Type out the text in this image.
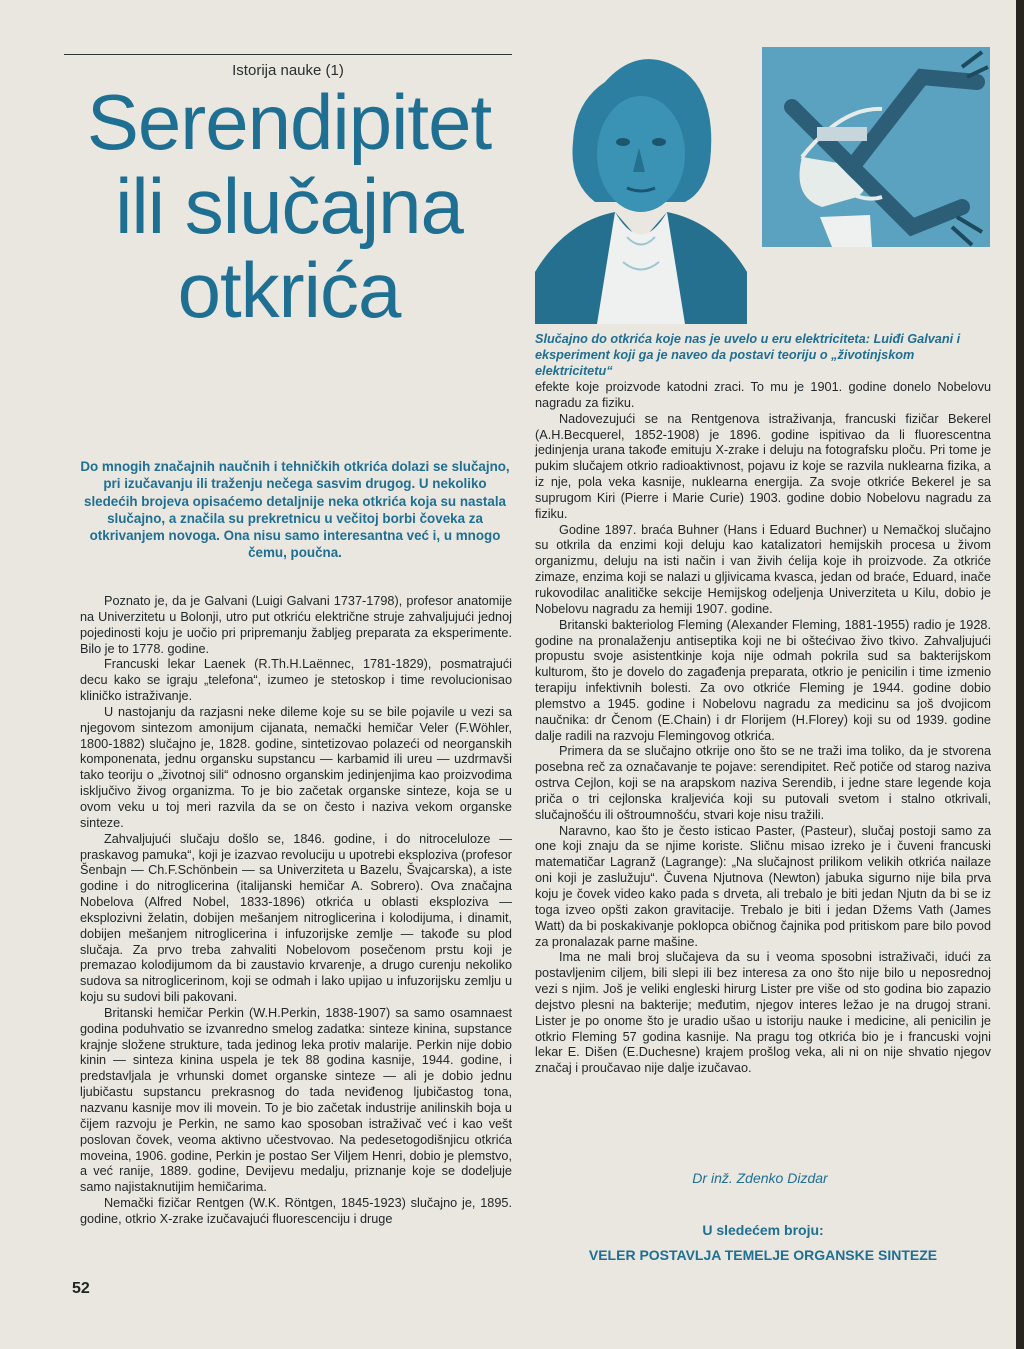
Istorija nauke (1)
Serendipitet
ili slučajna
otkrića
Slučajno do otkrića koje nas je uvelo u eru elektriciteta: Luiđi Galvani i eksperiment koji ga je naveo da postavi teoriju o „životinjskom elektricitetu“
Do mnogih značajnih naučnih i tehničkih otkrića dolazi se slučajno, pri izučavanju ili traženju nečega sasvim drugog. U nekoliko sledećih brojeva opisaćemo detaljnije neka otkrića koja su nastala slučajno, a značila su prekretnicu u večitoj borbi čoveka za otkrivanjem novoga. Ona nisu samo interesantna već i, u mnogo čemu, poučna.

Poznato je, da je Galvani (Luigi Galvani 1737-1798), profesor anatomije na Univerzitetu u Bolonji, utro put otkriću električne struje zahvaljujući jednoj pojedinosti koju je uočio pri pripremanju žabljeg preparata za eksperimente. Bilo je to 1778. godine.

Francuski lekar Laenek (R.Th.H.Laënnec, 1781-1829), posmatrajući decu kako se igraju „telefona“, izumeo je stetoskop i time revolucionisao kliničko istraživanje.

U nastojanju da razjasni neke dileme koje su se bile pojavile u vezi sa njegovom sintezom amonijum cijanata, nemački hemičar Veler (F.Wöhler, 1800-1882) slučajno je, 1828. godine, sintetizovao polazeći od neorganskih komponenata, jednu organsku supstancu — karbamid ili ureu — uzdrmavši tako teoriju o „životnoj sili“ odnosno organskim jedinjenjima kao proizvodima isključivo živog organizma. To je bio začetak organske sinteze, koja se u ovom veku u toj meri razvila da se on često i naziva vekom organske sinteze.

Zahvaljujući slučaju došlo se, 1846. godine, i do nitroceluloze — praskavog pamuka“, koji je izazvao revoluciju u upotrebi eksploziva (profesor Šenbajn — Ch.F.Schönbein — sa Univerziteta u Bazelu, Švajcarska), a iste godine i do nitroglicerina (italijanski hemičar A. Sobrero). Ova značajna Nobelova (Alfred Nobel, 1833-1896) otkrića u oblasti eksploziva — eksplozivni želatin, dobijen mešanjem nitroglicerina i kolodijuma, i dinamit, dobijen mešanjem nitroglicerina i infuzorijske zemlje — takođe su plod slučaja. Za prvo treba zahvaliti Nobelovom posečenom prstu koji je premazao kolodijumom da bi zaustavio krvarenje, a drugo curenju nekoliko sudova sa nitroglicerinom, koji se odmah i lako upijao u infuzorijsku zemlju u koju su sudovi bili pakovani.

Britanski hemičar Perkin (W.H.Perkin, 1838-1907) sa samo osamnaest godina poduhvatio se izvanredno smelog zadatka: sinteze kinina, supstance krajnje složene strukture, tada jedinog leka protiv malarije. Perkin nije dobio kinin — sinteza kinina uspela je tek 88 godina kasnije, 1944. godine, i predstavljala je vrhunski domet organske sinteze — ali je dobio jednu ljubičastu supstancu prekrasnog do tada neviđenog ljubičastog tona, nazvanu kasnije mov ili movein. To je bio začetak industrije anilinskih boja u čijem razvoju je Perkin, ne samo kao sposoban istraživač već i kao vešt poslovan čovek, veoma aktivno učestvovao. Na pedesetogodišnjicu otkrića moveina, 1906. godine, Perkin je postao Ser Viljem Henri, dobio je plemstvo, a već ranije, 1889. godine, Devijevu medalju, priznanje koje se dodeljuje samo najistaknutijim hemičarima.

Nemački fizičar Rentgen (W.K. Röntgen, 1845-1923) slučajno je, 1895. godine, otkrio X-zrake izučavajući fluorescenciju i druge

efekte koje proizvode katodni zraci. To mu je 1901. godine donelo Nobelovu nagradu za fiziku.

Nadovezujući se na Rentgenova istraživanja, francuski fizičar Bekerel (A.H.Becquerel, 1852-1908) je 1896. godine ispitivao da li fluorescentna jedinjenja urana takođe emituju X-zrake i deluju na fotografsku ploču. Pri tome je pukim slučajem otkrio radioaktivnost, pojavu iz koje se razvila nuklearna fizika, a iz nje, pola veka kasnije, nuklearna energija. Za svoje otkriće Bekerel je sa suprugom Kiri (Pierre i Marie Curie) 1903. godine dobio Nobelovu nagradu za fiziku.

Godine 1897. braća Buhner (Hans i Eduard Buchner) u Nemačkoj slučajno su otkrila da enzimi koji deluju kao katalizatori hemijskih procesa u živom organizmu, deluju na isti način i van živih ćelija koje ih proizvode. Za otkriće zimaze, enzima koji se nalazi u gljivicama kvasca, jedan od braće, Eduard, inače rukovodilac analitičke sekcije Hemijskog odeljenja Univerziteta u Kilu, dobio je Nobelovu nagradu za hemiji 1907. godine.

Britanski bakteriolog Fleming (Alexander Fleming, 1881-1955) radio je 1928. godine na pronalaženju antiseptika koji ne bi oštećivao živo tkivo. Zahvaljujući propustu svoje asistentkinje koja nije odmah pokrila sud sa bakterijskom kulturom, što je dovelo do zagađenja preparata, otkrio je penicilin i time izmenio terapiju infektivnih bolesti. Za ovo otkriće Fleming je 1944. godine dobio plemstvo a 1945. godine i Nobelovu nagradu za medicinu sa još dvojicom naučnika: dr Čenom (E.Chain) i dr Florijem (H.Florey) koji su od 1939. godine dalje radili na razvoju Flemingovog otkrića.

Primera da se slučajno otkrije ono što se ne traži ima toliko, da je stvorena posebna reč za označavanje te pojave: serendipitet. Reč potiče od starog naziva ostrva Cejlon, koji se na arapskom naziva Serendib, i jedne stare legende koja priča o tri cejlonska kraljevića koji su putovali svetom i stalno otkrivali, slučajnošću ili oštroumnošću, stvari koje nisu tražili.

Naravno, kao što je često isticao Paster, (Pasteur), slučaj postoji samo za one koji znaju da se njime koriste. Sličnu misao izreko je i čuveni francuski matematičar Lagranž (Lagrange): „Na slučajnost prilikom velikih otkrića nailaze oni koji je zaslužuju“. Čuvena Njutnova (Newton) jabuka sigurno nije bila prva koju je čovek video kako pada s drveta, ali trebalo je biti jedan Njutn da bi se iz toga izveo opšti zakon gravitacije. Trebalo je biti i jedan Džems Vath (James Watt) da bi poskakivanje poklopca običnog čajnika pod pritiskom pare bilo povod za pronalazak parne mašine.

Ima ne mali broj slučajeva da su i veoma sposobni istraživači, idući za postavljenim ciljem, bili slepi ili bez interesa za ono što nije bilo u neposrednoj vezi s njim. Još je veliki engleski hirurg Lister pre više od sto godina bio zapazio dejstvo plesni na bakterije; međutim, njegov interes ležao je na drugoj strani. Lister je po onome što je uradio ušao u istoriju nauke i medicine, ali penicilin je otkrio Fleming 57 godina kasnije. Na pragu tog otkrića bio je i francuski vojni lekar E. Dišen (E.Duchesne) krajem prošlog veka, ali ni on nije shvatio njegov značaj i proučavao nije dalje izučavao.

Dr inž. Zdenko Dizdar
U sledećem broju:
VELER POSTAVLJA TEMELJE ORGANSKE SINTEZE
52
